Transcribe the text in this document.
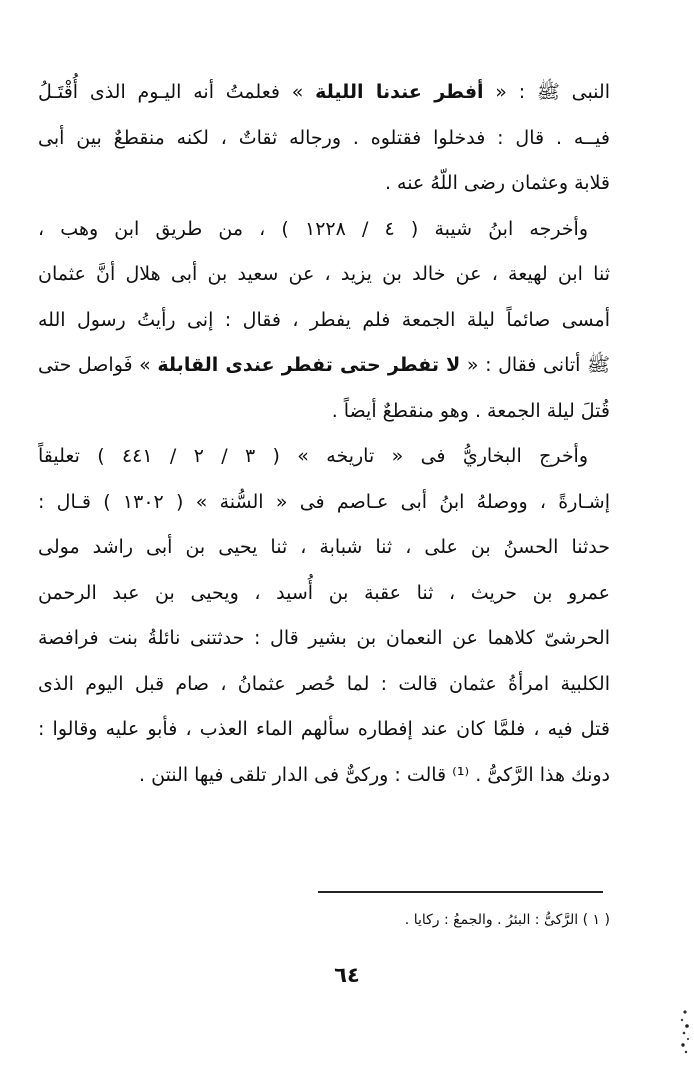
النبى ﷺ : « أفطر عندنا الليلة » فعلمتُ أنه اليـوم الذى أُقْتَـلُ
فيــه . قال : فدخلوا فقتلوه . ورجاله ثقاتٌ ، لكنه منقطعٌ بين أبى
قلابة وعثمان رضى اللّهُ عنه .
وأخرجه ابنُ شيبة ( ٤ / ١٢٢٨ ) ، من طريق ابن وهب ،
ثنا ابن لهيعة ، عن خالد بن يزيد ، عن سعيد بن أبى هلال أنَّ عثمان
أمسى صائماً ليلة الجمعة فلم يفطر ، فقال : إنى رأيتُ رسول الله
ﷺ أتانى فقال : « لا تفطر حتى تفطر عندى القابلة » فَواصل حتى
قُتلَ ليلة الجمعة . وهو منقطعٌ أيضاً .
وأخرج البخاريُّ فى « تاريخه » ( ٣ / ٢ / ٤٤١ ) تعليقاً
إشـارةً ، ووصلهُ ابنُ أبى عـاصم فى « السُّنة » ( ١٣٠٢ ) قـال :
حدثنا الحسنُ بن على ، ثنا شبابة ، ثنا يحيى بن أبى راشد مولى
عمرو بن حريث ، ثنا عقبة بن أُسيد ، ويحيى بن عبد الرحمن
الحرشىّ كلاهما عن النعمان بن بشير قال : حدثتنى نائلةُ بنت فرافصة
الكلبية امرأةُ عثمان قالت : لما حُصر عثمانُ ، صام قبل اليوم الذى
قتل فيه ، فلمَّا كان عند إفطاره سألهم الماء العذب ، فأبو عليه وقالوا :
دونك هذا الرَّكىُّ . ⁽¹⁾ قالت : وركىٌّ فى الدار تلقى فيها النتن .
( ١ ) الرَّكىُّ : البئرُ . والجمعُ : ركايا .
٦٤
